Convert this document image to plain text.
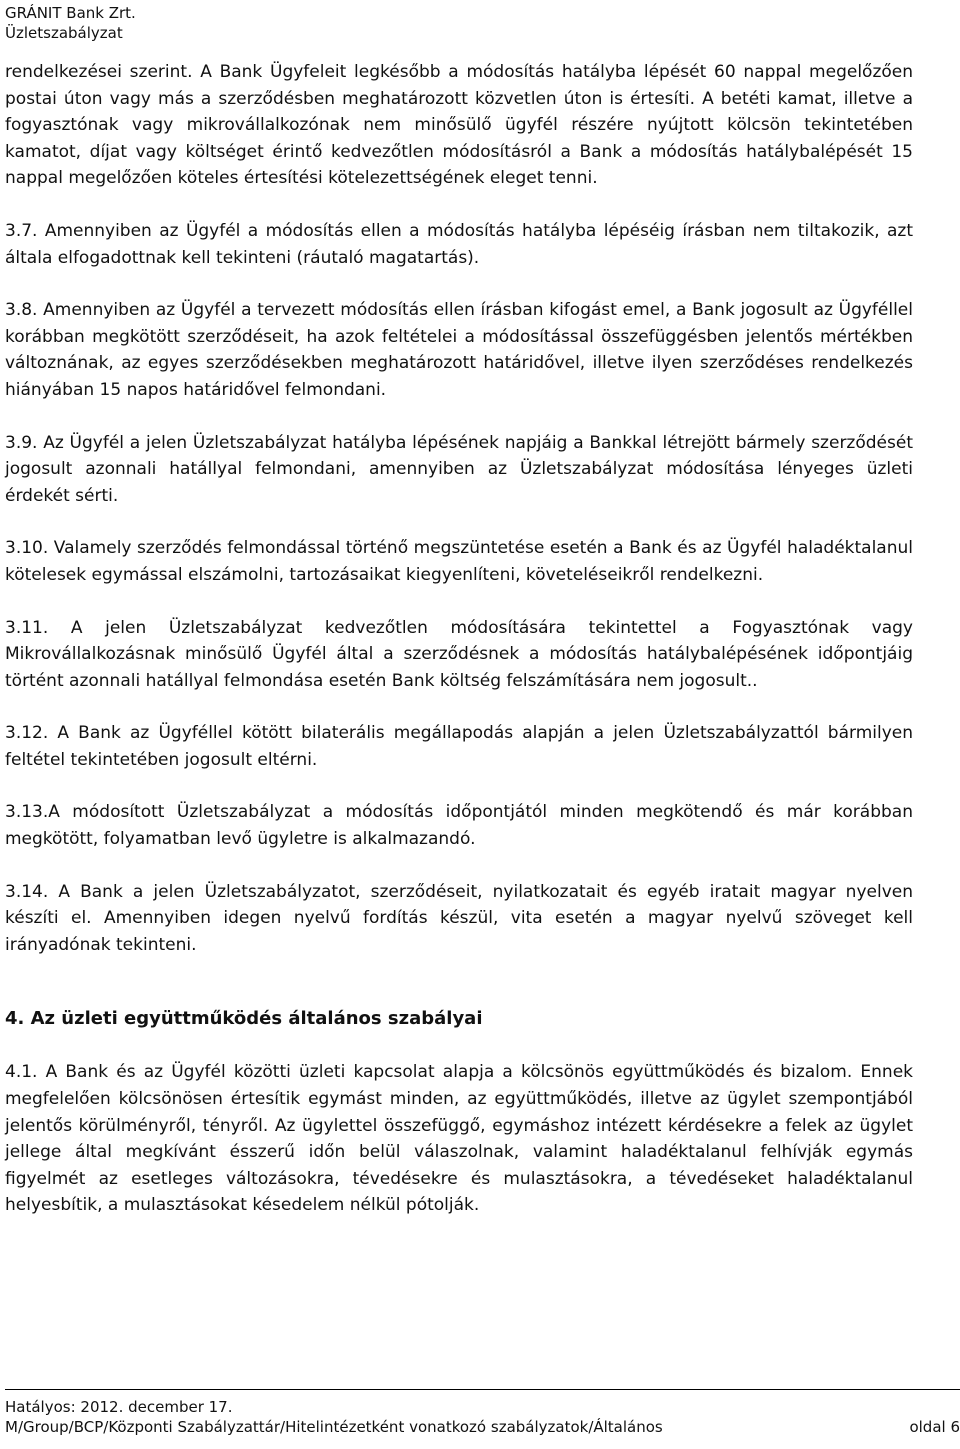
GRÁNIT Bank Zrt.
Üzletszabályzat

rendelkezései szerint. A Bank Ügyfeleit legkésőbb a módosítás hatályba lépését 60 nappal megelőzően postai úton vagy más a szerződésben meghatározott közvetlen úton is értesíti. A betéti kamat, illetve a fogyasztónak vagy mikrovállalkozónak nem minősülő ügyfél részére nyújtott kölcsön tekintetében kamatot, díjat vagy költséget érintő kedvezőtlen módosításról a Bank a módosítás hatálybalépését 15 nappal megelőzően köteles értesítési kötelezettségének eleget tenni.

3.7. Amennyiben az Ügyfél a módosítás ellen a módosítás hatályba lépéséig írásban nem tiltakozik, azt általa elfogadottnak kell tekinteni (ráutaló magatartás).

3.8. Amennyiben az Ügyfél a tervezett módosítás ellen írásban kifogást emel, a Bank jogosult az Ügyféllel korábban megkötött szerződéseit, ha azok feltételei a módosítással összefüggésben jelentős mértékben változnának, az egyes szerződésekben meghatározott határidővel, illetve ilyen szerződéses rendelkezés hiányában 15 napos határidővel felmondani.

3.9. Az Ügyfél a jelen Üzletszabályzat hatályba lépésének napjáig a Bankkal létrejött bármely szerződését jogosult azonnali hatállyal felmondani, amennyiben az Üzletszabályzat módosítása lényeges üzleti érdekét sérti.

3.10. Valamely szerződés felmondással történő megszüntetése esetén a Bank és az Ügyfél haladéktalanul kötelesek egymással elszámolni, tartozásaikat kiegyenlíteni, követeléseikről rendelkezni.

3.11. A jelen Üzletszabályzat kedvezőtlen módosítására tekintettel a Fogyasztónak vagy Mikrovállalkozásnak minősülő Ügyfél által a szerződésnek a módosítás hatálybalépésének időpontjáig történt azonnali hatállyal felmondása esetén Bank költség felszámítására nem jogosult..

3.12. A Bank az Ügyféllel kötött bilaterális megállapodás alapján a jelen Üzletszabályzattól bármilyen feltétel tekintetében jogosult eltérni.

3.13.A módosított Üzletszabályzat a módosítás időpontjától minden megkötendő és már korábban megkötött, folyamatban levő ügyletre is alkalmazandó.

3.14. A Bank a jelen Üzletszabályzatot, szerződéseit, nyilatkozatait és egyéb iratait magyar nyelven készíti el. Amennyiben idegen nyelvű fordítás készül, vita esetén a magyar nyelvű szöveget kell irányadónak tekinteni.

4. Az üzleti együttműködés általános szabályai

4.1. A Bank és az Ügyfél közötti üzleti kapcsolat alapja a kölcsönös együttműködés és bizalom. Ennek megfelelően kölcsönösen értesítik egymást minden, az együttműködés, illetve az ügylet szempontjából jelentős körülményről, tényről. Az ügylettel összefüggő, egymáshoz intézett kérdésekre a felek az ügylet jellege által megkívánt ésszerű időn belül válaszolnak, valamint haladéktalanul felhívják egymás figyelmét az esetleges változásokra, tévedésekre és mulasztásokra, a tévedéseket haladéktalanul helyesbítik, a mulasztásokat késedelem nélkül pótolják.

Hatályos: 2012. december 17.
M/Group/BCP/Központi Szabályzattár/Hitelintézetként vonatkozó szabályzatok/Általános	oldal 6
